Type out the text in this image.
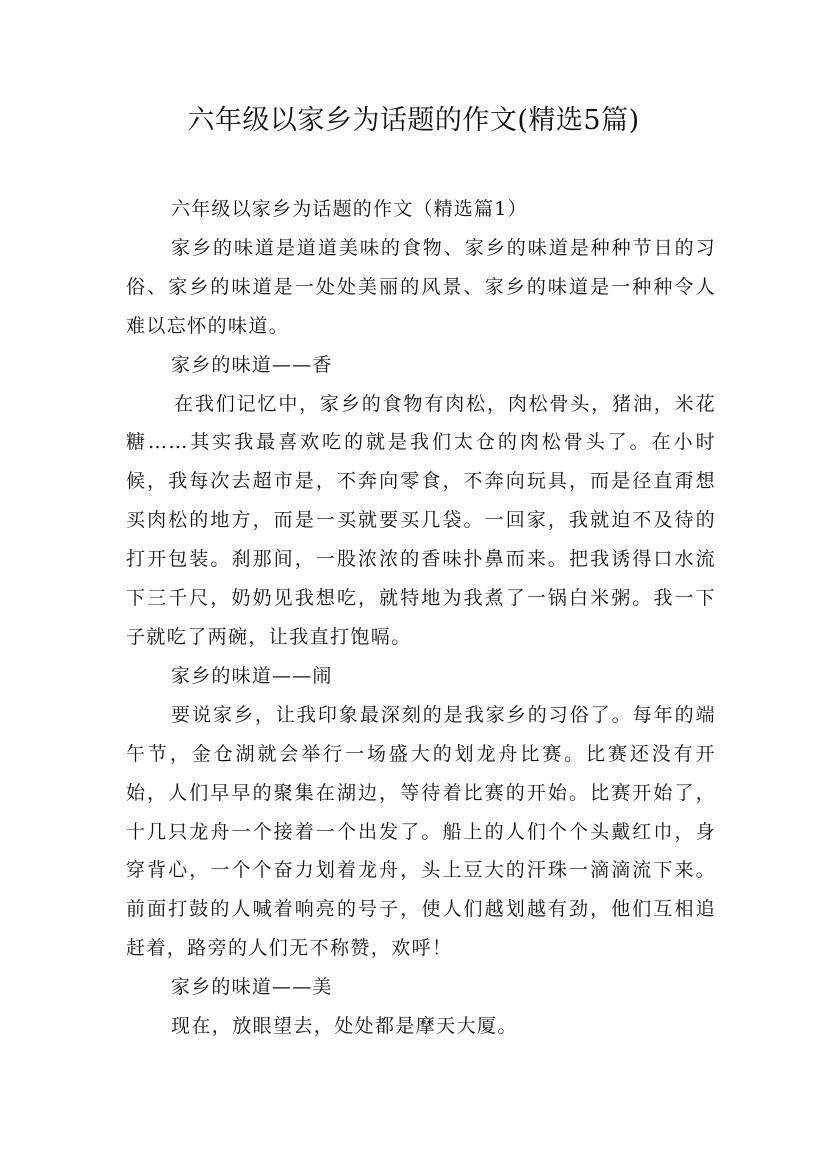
六年级以家乡为话题的作文(精选5篇)

六年级以家乡为话题的作文（精选篇1）

家乡的味道是道道美味的食物、家乡的味道是种种节日的习俗、家乡的味道是一处处美丽的风景、家乡的味道是一种种令人难以忘怀的味道。

家乡的味道——香

在我们记忆中，家乡的食物有肉松，肉松骨头，猪油，米花糖……其实我最喜欢吃的就是我们太仓的肉松骨头了。在小时候，我每次去超市是，不奔向零食，不奔向玩具，而是径直甭想买肉松的地方，而是一买就要买几袋。一回家，我就迫不及待的打开包装。刹那间，一股浓浓的香味扑鼻而来。把我诱得口水流下三千尺，奶奶见我想吃，就特地为我煮了一锅白米粥。我一下子就吃了两碗，让我直打饱嗝。

家乡的味道——闹

要说家乡，让我印象最深刻的是我家乡的习俗了。每年的端午节，金仓湖就会举行一场盛大的划龙舟比赛。比赛还没有开始，人们早早的聚集在湖边，等待着比赛的开始。比赛开始了，十几只龙舟一个接着一个出发了。船上的人们个个头戴红巾，身穿背心，一个个奋力划着龙舟，头上豆大的汗珠一滴滴流下来。前面打鼓的人喊着响亮的号子，使人们越划越有劲，他们互相追赶着，路旁的人们无不称赞，欢呼！

家乡的味道——美

现在，放眼望去，处处都是摩天大厦。
